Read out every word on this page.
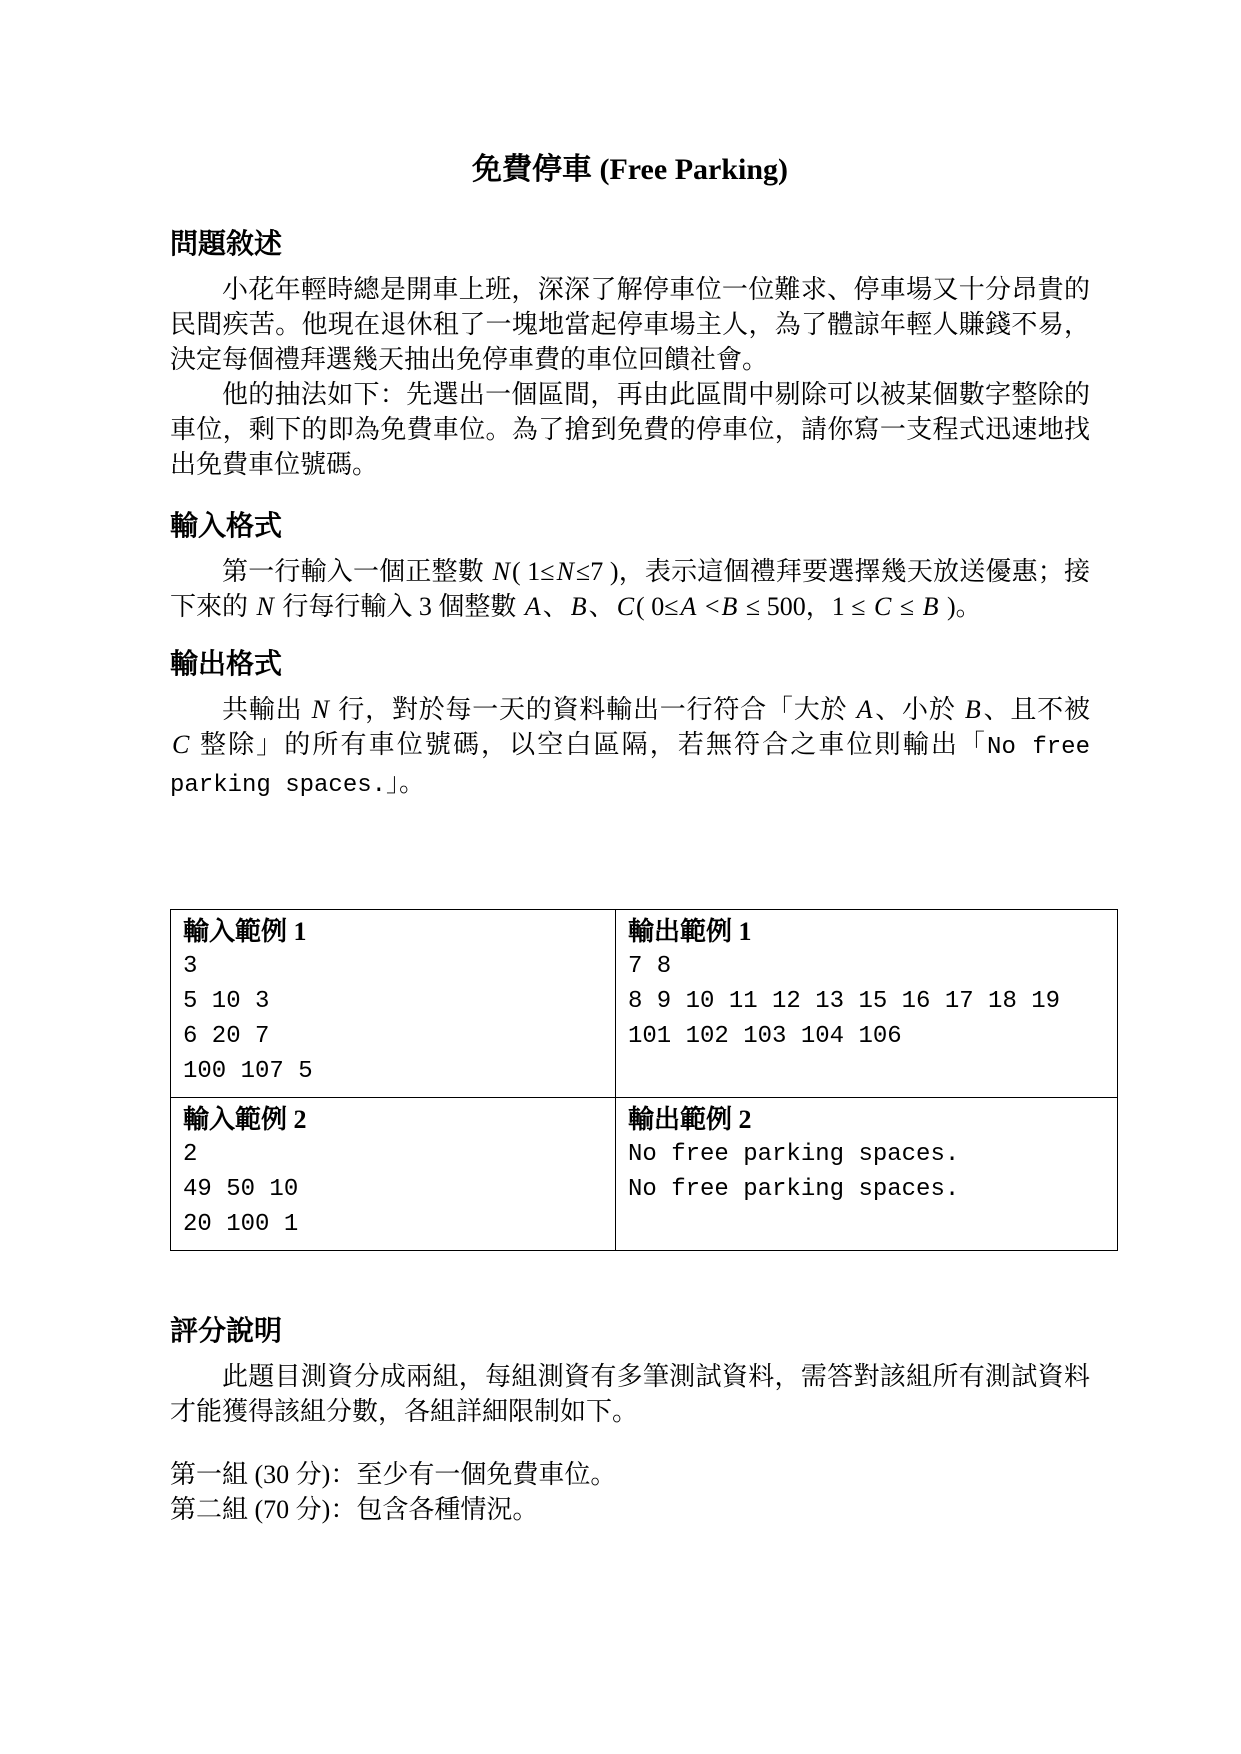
免費停車 (Free Parking)
問題敘述

小花年輕時總是開車上班，深深了解停車位一位難求、停車場又十分昂貴的民間疾苦。他現在退休租了一塊地當起停車場主人，為了體諒年輕人賺錢不易，決定每個禮拜選幾天抽出免停車費的車位回饋社會。

他的抽法如下：先選出一個區間，再由此區間中剔除可以被某個數字整除的車位，剩下的即為免費車位。為了搶到免費的停車位，請你寫一支程式迅速地找出免費車位號碼。

輸入格式

第一行輸入一個正整數 N( 1≤N≤7 )，表示這個禮拜要選擇幾天放送優惠；接下來的 N 行每行輸入 3 個整數 A、B、C( 0≤A <B ≤ 500，1 ≤ C ≤ B )。

輸出格式

共輸出 N 行，對於每一天的資料輸出一行符合「大於 A、小於 B、且不被 C 整除」的所有車位號碼，以空白區隔，若無符合之車位則輸出「No free parking spaces.」。

輸入範例 1
3
5 10 3
6 20 7
100 107 5

輸出範例 1
7 8
8 9 10 11 12 13 15 16 17 18 19
101 102 103 104 106

輸入範例 2
2
49 50 10
20 100 1

輸出範例 2
No free parking spaces.
No free parking spaces.
評分說明

此題目測資分成兩組，每組測資有多筆測試資料，需答對該組所有測試資料才能獲得該組分數，各組詳細限制如下。

第一組 (30 分)：至少有一個免費車位。

第二組 (70 分)：包含各種情況。
